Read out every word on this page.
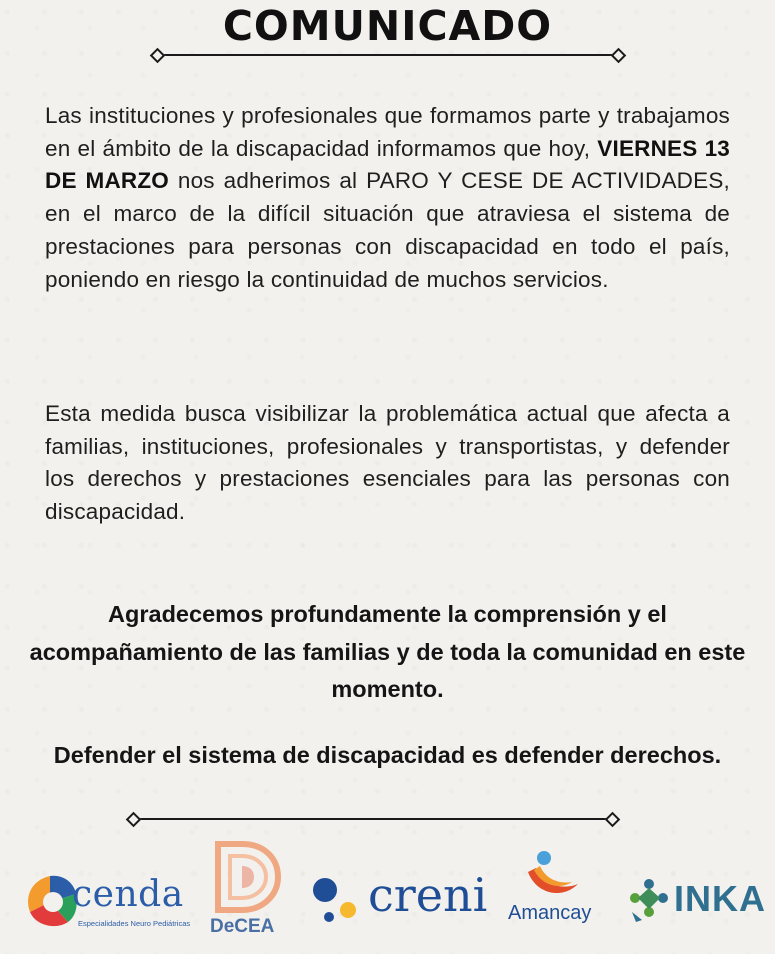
COMUNICADO
Las instituciones y profesionales que formamos parte y trabajamos en el ámbito de la discapacidad informamos que hoy, VIERNES 13 DE MARZO nos adherimos al PARO Y CESE DE ACTIVIDADES, en el marco de la difícil situación que atraviesa el sistema de prestaciones para personas con discapacidad en todo el país, poniendo en riesgo la continuidad de muchos servicios.
Esta medida busca visibilizar la problemática actual que afecta a familias, instituciones, profesionales y transportistas, y defender los derechos y prestaciones esenciales para las personas con discapacidad.
Agradecemos profundamente la comprensión y el acompañamiento de las familias y de toda la comunidad en este momento.
Defender el sistema de discapacidad es defender derechos.
cenda
Especialidades Neuro Pediátricas DeCEA
creni Amancay INKA
